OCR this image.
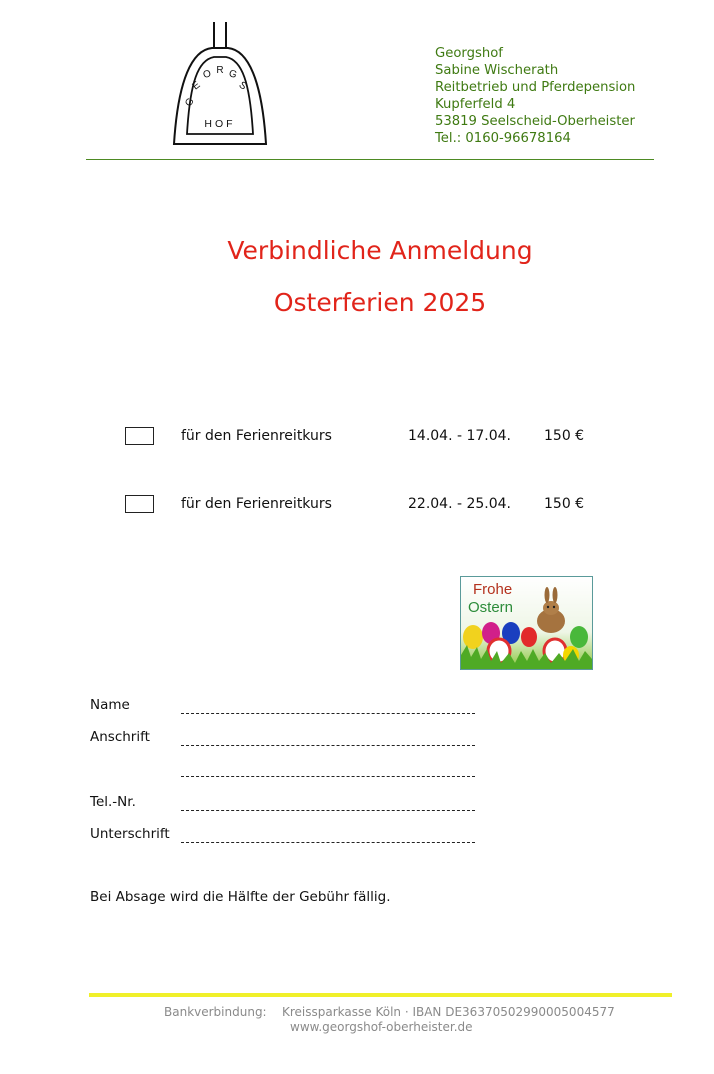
G
E
O R G
S
HOF
Georgshof
Sabine Wischerath
Reitbetrieb und Pferdepension
Kupferfeld 4
53819 Seelscheid-Oberheister
Tel.: 0160-96678164
Verbindliche Anmeldung
Osterferien 2025
für den Ferienreitkurs	14.04. - 17.04. 150 €
für den Ferienreitkurs	22.04. - 25.04. 150 €
Frohe
Ostern
Name
Anschrift
Tel.-Nr.
Unterschrift
Bei Absage wird die Hälfte der Gebühr fällig.
Bankverbindung: Kreissparkasse Köln · IBAN DE36370502990005004577
www.georgshof-oberheister.de
